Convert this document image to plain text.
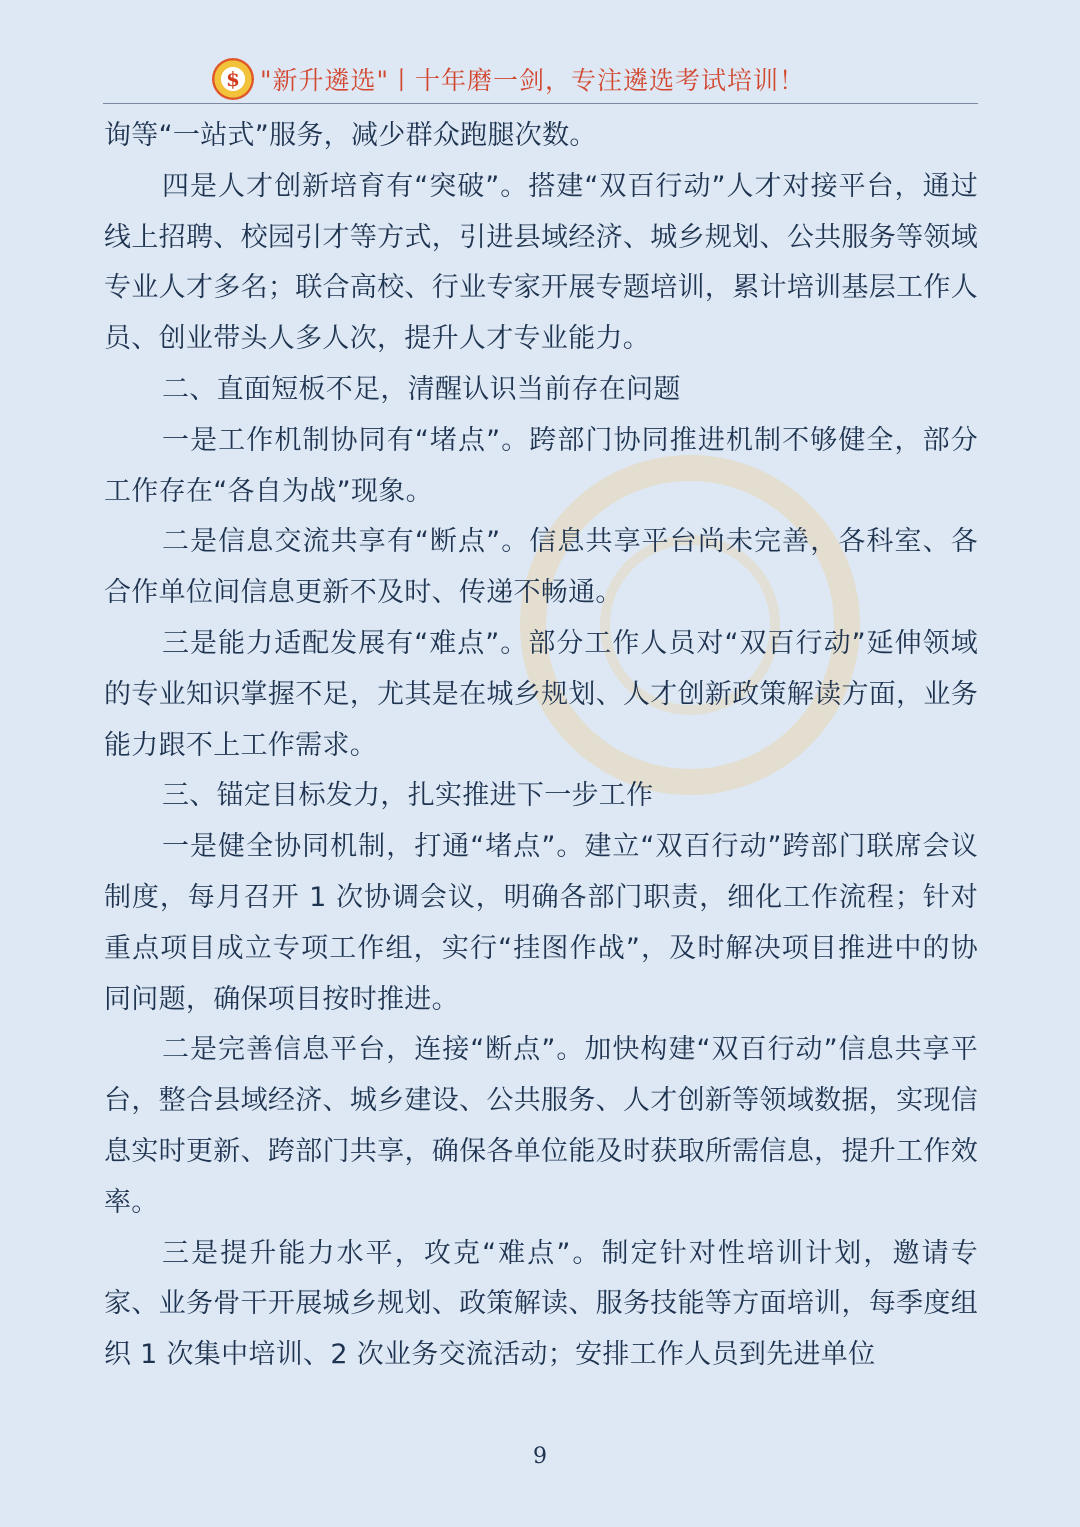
$ "新升遴选"丨十年磨一剑，专注遴选考试培训！

询等“一站式”服务，减少群众跑腿次数。

四是人才创新培育有“突破”。搭建“双百行动”人才对接平台，通过线上招聘、校园引才等方式，引进县域经济、城乡规划、公共服务等领域专业人才多名；联合高校、行业专家开展专题培训，累计培训基层工作人员、创业带头人多人次，提升人才专业能力。

二、直面短板不足，清醒认识当前存在问题

一是工作机制协同有“堵点”。跨部门协同推进机制不够健全，部分工作存在“各自为战”现象。

二是信息交流共享有“断点”。信息共享平台尚未完善，各科室、各合作单位间信息更新不及时、传递不畅通。

三是能力适配发展有“难点”。部分工作人员对“双百行动”延伸领域的专业知识掌握不足，尤其是在城乡规划、人才创新政策解读方面，业务能力跟不上工作需求。

三、锚定目标发力，扎实推进下一步工作

一是健全协同机制，打通“堵点”。建立“双百行动”跨部门联席会议制度，每月召开 1 次协调会议，明确各部门职责，细化工作流程；针对重点项目成立专项工作组，实行“挂图作战”，及时解决项目推进中的协同问题，确保项目按时推进。

二是完善信息平台，连接“断点”。加快构建“双百行动”信息共享平台，整合县域经济、城乡建设、公共服务、人才创新等领域数据，实现信息实时更新、跨部门共享，确保各单位能及时获取所需信息，提升工作效率。

三是提升能力水平，攻克“难点”。制定针对性培训计划，邀请专家、业务骨干开展城乡规划、政策解读、服务技能等方面培训，每季度组织 1 次集中培训、2 次业务交流活动；安排工作人员到先进单位

9
